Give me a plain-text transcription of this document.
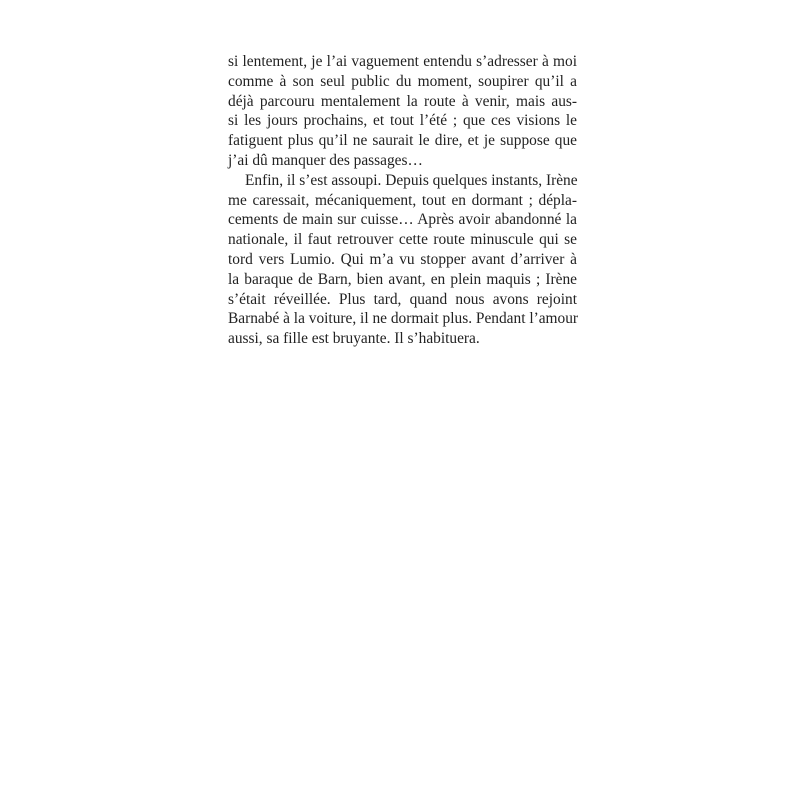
si lentement, je l’ai vaguement entendu s’adresser à moi
comme à son seul public du moment, soupirer qu’il a
déjà parcouru mentalement la route à venir, mais aus-
si les jours prochains, et tout l’été ; que ces visions le
fatiguent plus qu’il ne saurait le dire, et je suppose que
j’ai dû manquer des passages…
Enfin, il s’est assoupi. Depuis quelques instants, Irène
me caressait, mécaniquement, tout en dormant ; dépla-
cements de main sur cuisse… Après avoir abandonné la
nationale, il faut retrouver cette route minuscule qui se
tord vers Lumio. Qui m’a vu stopper avant d’arriver à
la baraque de Barn, bien avant, en plein maquis ; Irène
s’était réveillée. Plus tard, quand nous avons rejoint
Barnabé à la voiture, il ne dormait plus. Pendant l’amour
aussi, sa fille est bruyante. Il s’habituera.
